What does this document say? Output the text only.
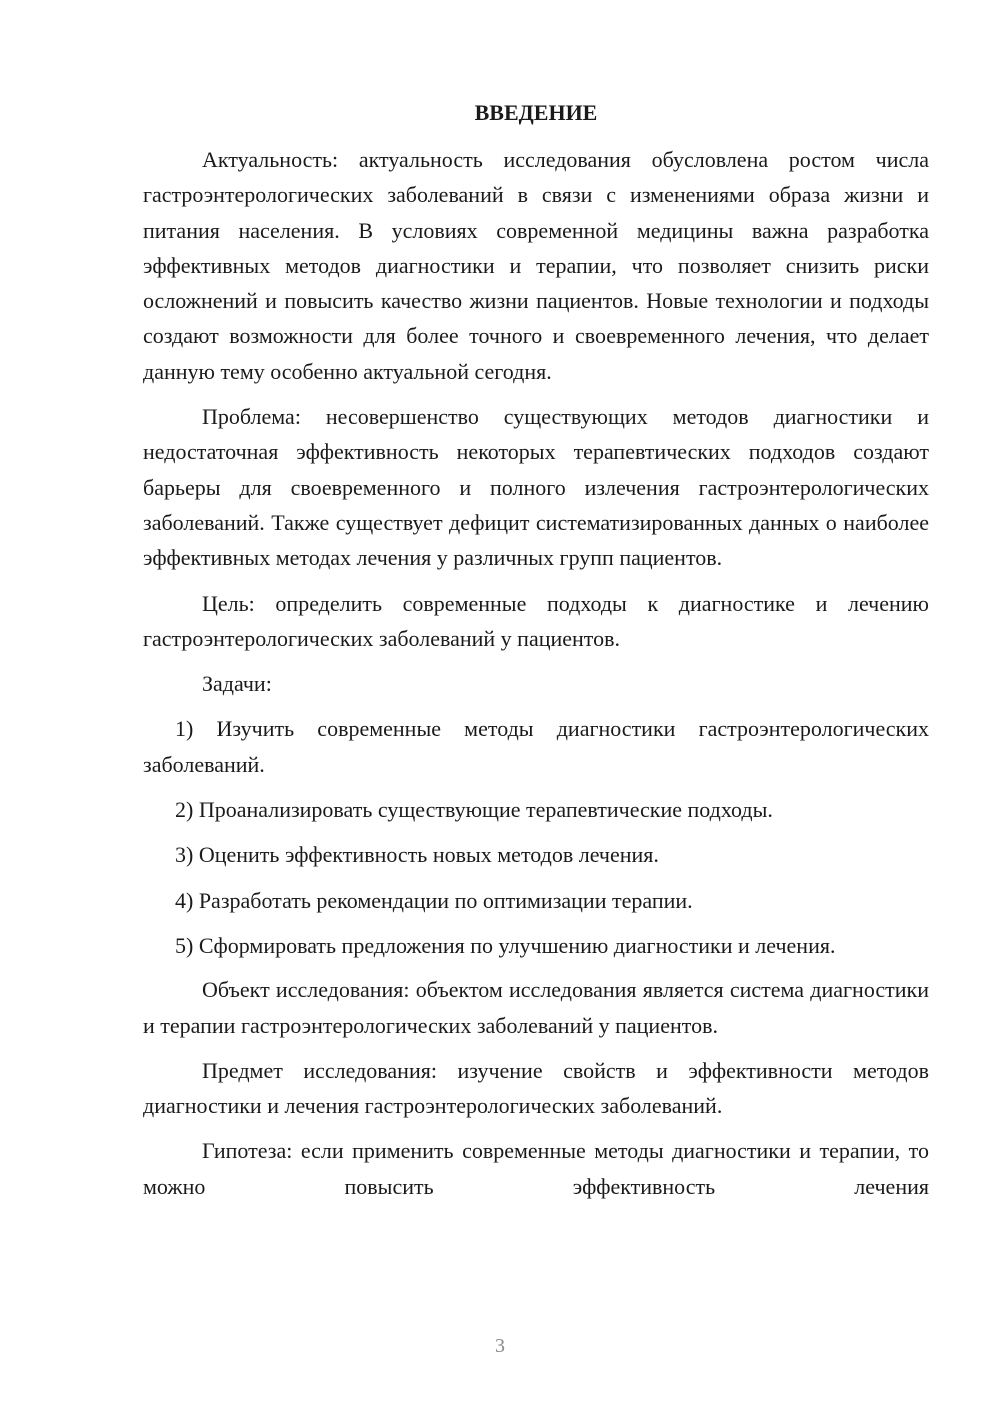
ВВЕДЕНИЕ

Актуальность: актуальность исследования обусловлена ростом числа гастроэнтерологических заболеваний в связи с изменениями образа жизни и питания населения. В условиях современной медицины важна разработка эффективных методов диагностики и терапии, что позволяет снизить риски осложнений и повысить качество жизни пациентов. Новые технологии и подходы создают возможности для более точного и своевременного лечения, что делает данную тему особенно актуальной сегодня.

Проблема: несовершенство существующих методов диагностики и недостаточная эффективность некоторых терапевтических подходов создают барьеры для своевременного и полного излечения гастроэнтерологических заболеваний. Также существует дефицит систематизированных данных о наиболее эффективных методах лечения у различных групп пациентов.

Цель: определить современные подходы к диагностике и лечению гастроэнтерологических заболеваний у пациентов.

Задачи:

1) Изучить современные методы диагностики гастроэнтерологических заболеваний.

2) Проанализировать существующие терапевтические подходы.

3) Оценить эффективность новых методов лечения.

4) Разработать рекомендации по оптимизации терапии.

5) Сформировать предложения по улучшению диагностики и лечения.

Объект исследования: объектом исследования является система диагностики и терапии гастроэнтерологических заболеваний у пациентов.

Предмет исследования: изучение свойств и эффективности методов диагностики и лечения гастроэнтерологических заболеваний.

Гипотеза: если применить современные методы диагностики и терапии, то можно повысить эффективность лечения

3
